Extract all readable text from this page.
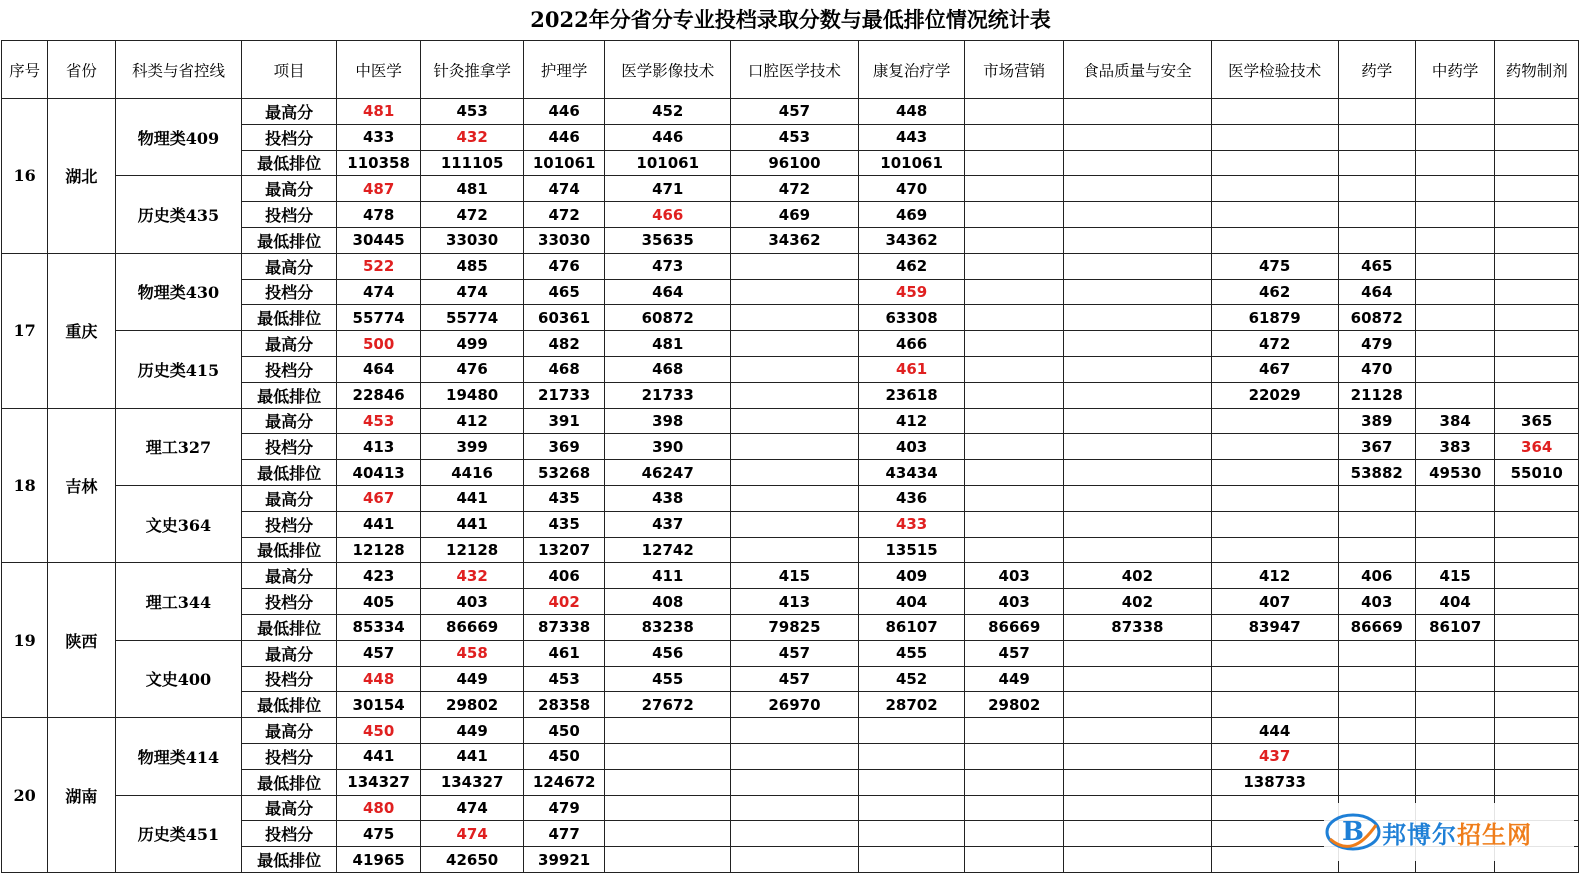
2022年分省分专业投档录取分数与最低排位情况统计表
序号	省份	科类与省控线	项目	中医学	针灸推拿学	护理学	医学影像技术	口腔医学技术	康复治疗学	市场营销	食品质量与安全	医学检验技术	药学	中药学	药物制剂
16	湖北	物理类409	最高分	481	453	446	452	457	448						
			投档分	433	432	446	446	453	443						
			最低排位	110358	111105	101061	101061	96100	101061						
		历史类435	最高分	487	481	474	471	472	470						
			投档分	478	472	472	466	469	469						
			最低排位	30445	33030	33030	35635	34362	34362						
17	重庆	物理类430	最高分	522	485	476	473		462			475	465		
			投档分	474	474	465	464		459			462	464		
			最低排位	55774	55774	60361	60872		63308			61879	60872		
		历史类415	最高分	500	499	482	481		466			472	479		
			投档分	464	476	468	468		461			467	470		
			最低排位	22846	19480	21733	21733		23618			22029	21128		
18	吉林	理工327	最高分	453	412	391	398		412				389	384	365
			投档分	413	399	369	390		403				367	383	364
			最低排位	40413	4416	53268	46247		43434				53882	49530	55010
		文史364	最高分	467	441	435	438		436						
			投档分	441	441	435	437		433						
			最低排位	12128	12128	13207	12742		13515						
19	陕西	理工344	最高分	423	432	406	411	415	409	403	402	412	406	415	
			投档分	405	403	402	408	413	404	403	402	407	403	404	
			最低排位	85334	86669	87338	83238	79825	86107	86669	87338	83947	86669	86107	
		文史400	最高分	457	458	461	456	457	455	457					
			投档分	448	449	453	455	457	452	449					
			最低排位	30154	29802	28358	27672	26970	28702	29802					
20	湖南	物理类414	最高分	450	449	450						444			
			投档分	441	441	450						437			
			最低排位	134327	134327	124672						138733			
		历史类451	最高分	480	474	479									
			投档分	475	474	477									
			最低排位	41965	42650	39921									
B 邦博尔招生网
